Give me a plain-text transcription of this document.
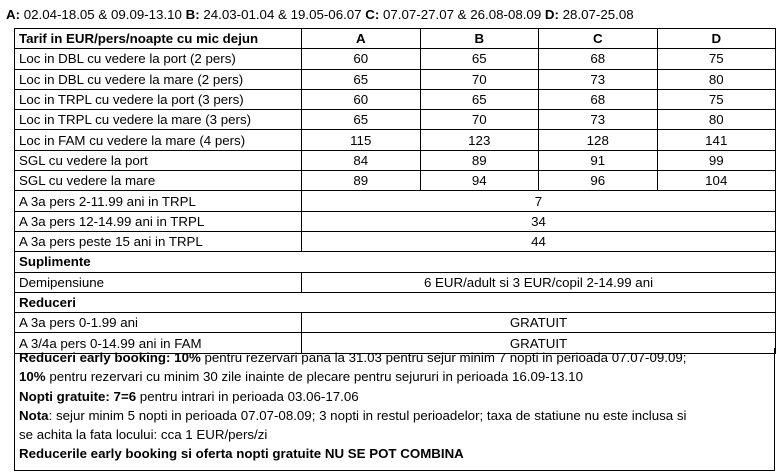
A: 02.04-18.05 & 09.09-13.10 B: 24.03-01.04 & 19.05-06.07 C: 07.07-27.07 & 26.08-08.09 D: 28.07-25.08
Tarif in EUR/pers/noapte cu mic dejun	A	B	C	D
Loc in DBL cu vedere la port (2 pers)	60	65	68	75
Loc in DBL cu vedere la mare (2 pers)	65	70	73	80
Loc in TRPL cu vedere la port (3 pers)	60	65	68	75
Loc in TRPL cu vedere la mare (3 pers)	65	70	73	80
Loc in FAM cu vedere la mare (4 pers)	115	123	128	141
SGL cu vedere la port	84	89	91	99
SGL cu vedere la mare	89	94	96	104
A 3a pers 2-11.99 ani in TRPL	7			
A 3a pers 12-14.99 ani in TRPL	34			
A 3a pers peste 15 ani in TRPL	44			
Suplimente				
Demipensiune	6 EUR/adult si 3 EUR/copil 2-14.99 ani			
Reduceri				
A 3a pers 0-1.99 ani	GRATUIT			
A 3/4a pers 0-14.99 ani in FAM	GRATUIT			

Reduceri early booking: 10% pentru rezervari pana la 31.03 pentru sejur minim 7 nopti in perioada 07.07-09.09;

10% pentru rezervari cu minim 30 zile inainte de plecare pentru sejururi in perioada 16.09-13.10

Nopti gratuite: 7=6 pentru intrari in perioada 03.06-17.06

Nota: sejur minim 5 nopti in perioada 07.07-08.09; 3 nopti in restul perioadelor; taxa de statiune nu este inclusa si

se achita la fata locului: cca 1 EUR/pers/zi

Reducerile early booking si oferta nopti gratuite NU SE POT COMBINA
